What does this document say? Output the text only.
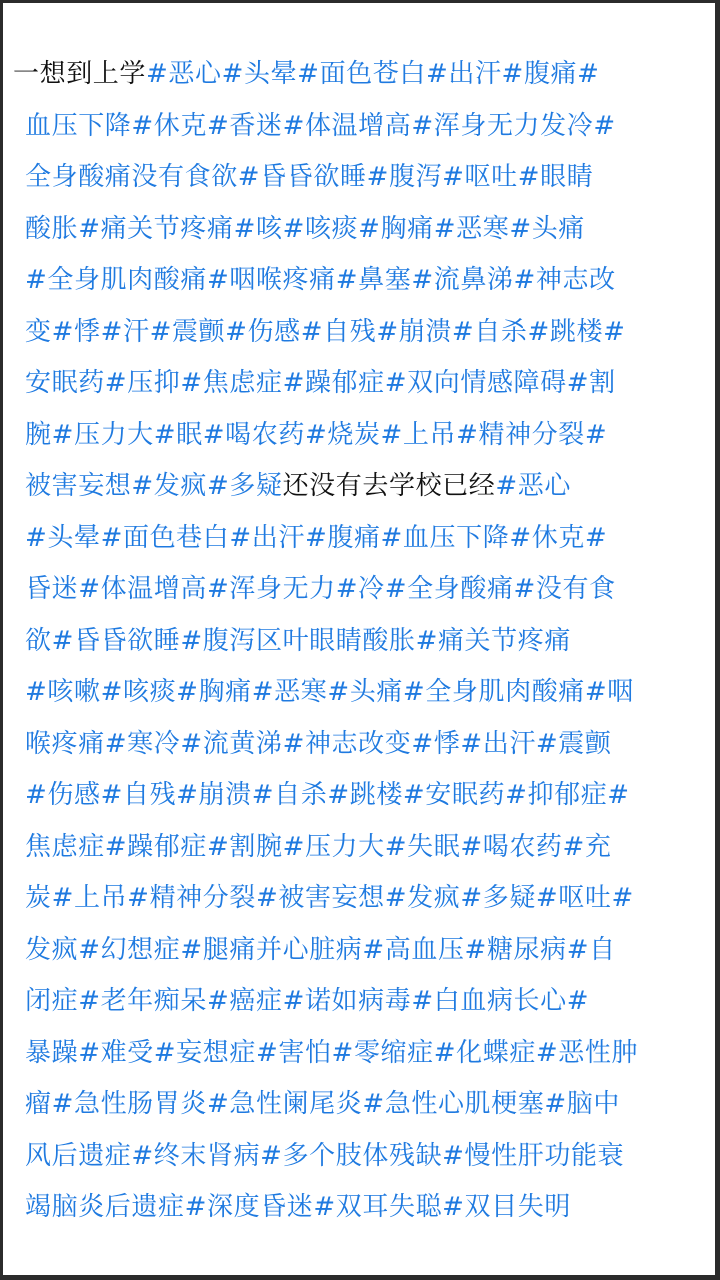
一想到上学#恶心#头晕#面色苍白#出汗#腹痛#
血压下降#休克#香迷#体温增高#浑身无力发冷#
全身酸痛没有食欲#昏昏欲睡#腹泻#呕吐#眼睛
酸胀#痛关节疼痛#咳#咳痰#胸痛#恶寒#头痛
#全身肌肉酸痛#咽喉疼痛#鼻塞#流鼻涕#神志改
变#悸#汗#震颤#伤感#自残#崩溃#自杀#跳楼#
安眠药#压抑#焦虑症#躁郁症#双向情感障碍#割
腕#压力大#眠#喝农药#烧炭#上吊#精神分裂#
被害妄想#发疯#多疑还没有去学校已经#恶心
#头晕#面色巷白#出汗#腹痛#血压下降#休克#
昏迷#体温增高#浑身无力#冷#全身酸痛#没有食
欲#昏昏欲睡#腹泻区叶眼睛酸胀#痛关节疼痛
#咳嗽#咳痰#胸痛#恶寒#头痛#全身肌肉酸痛#咽
喉疼痛#寒冷#流黄涕#神志改变#悸#出汗#震颤
#伤感#自残#崩溃#自杀#跳楼#安眠药#抑郁症#
焦虑症#躁郁症#割腕#压力大#失眠#喝农药#充
炭#上吊#精神分裂#被害妄想#发疯#多疑#呕吐#
发疯#幻想症#腿痛并心脏病#高血压#糖尿病#自
闭症#老年痴呆#癌症#诺如病毒#白血病长心#
暴躁#难受#妄想症#害怕#零缩症#化蝶症#恶性肿
瘤#急性肠胃炎#急性阑尾炎#急性心肌梗塞#脑中
风后遗症#终末肾病#多个肢体残缺#慢性肝功能衰
竭脑炎后遗症#深度昏迷#双耳失聪#双目失明
